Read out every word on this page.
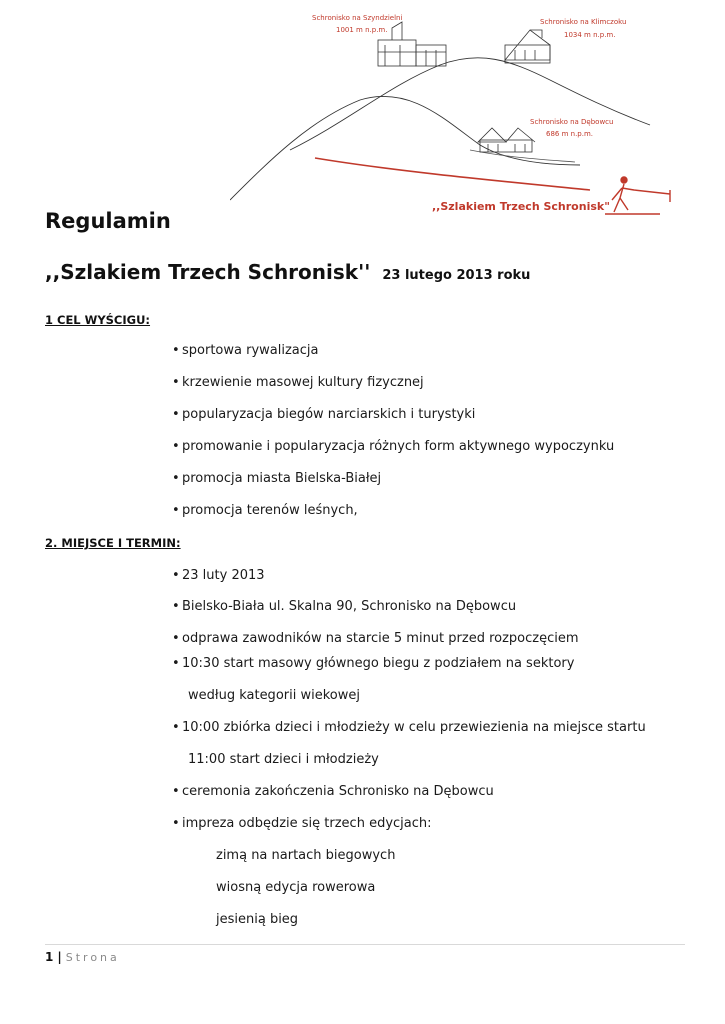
Schronisko na Szyndzielni
1001 m n.p.m.
Schronisko na Klimczoku
1034 m n.p.m.
Schronisko na Dębowcu
686 m n.p.m.
,,Szlakiem Trzech Schronisk"
Regulamin
,,Szlakiem Trzech Schronisk'' 23 lutego 2013 roku
1 CEL WYŚCIGU:
• sportowa rywalizacja
• krzewienie masowej kultury fizycznej
• popularyzacja biegów narciarskich i turystyki
• promowanie i popularyzacja różnych form aktywnego wypoczynku
• promocja miasta Bielska-Białej
• promocja terenów leśnych,
2. MIEJSCE I TERMIN:
• 23 luty 2013
• Bielsko-Biała ul. Skalna 90, Schronisko na Dębowcu
• odprawa zawodników na starcie 5 minut przed rozpoczęciem
• 10:30 start masowy głównego biegu z podziałem na sektory
według kategorii wiekowej
• 10:00 zbiórka dzieci i młodzieży w celu przewiezienia na miejsce startu
11:00 start dzieci i młodzieży
• ceremonia zakończenia Schronisko na Dębowcu
• impreza odbędzie się trzech edycjach:
zimą na nartach biegowych
wiosną edycja rowerowa
jesienią bieg
1 | Strona
